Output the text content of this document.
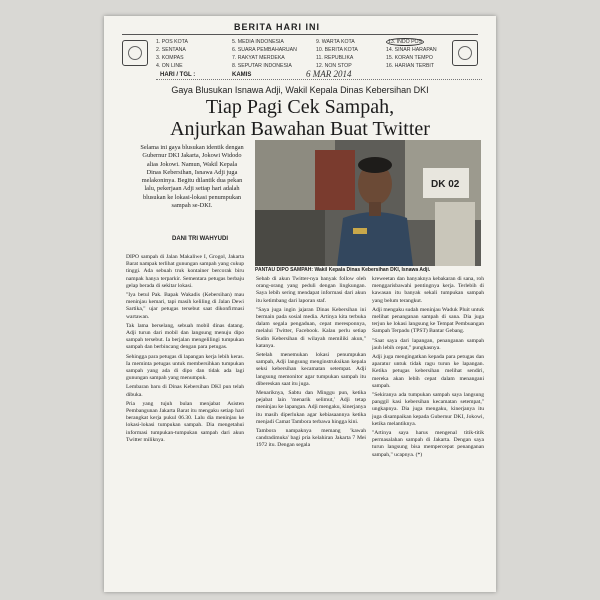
BERITA HARI INI
1. POS KOTA
2. SENTANA
3. KOMPAS
4. ON LINE
5. MEDIA INDONESIA
6. SUARA PEMBAHARUAN
7. RAKYAT MERDEKA
8. SEPUTAR INDONESIA
9. WARTA KOTA
10. BERITA KOTA
11. REPUBLIKA
12. NON STOP
13. INDO POS
14. SINAR HARAPAN
15. KORAN TEMPO
16. HARIAN TERBIT
HARI / TGL :	KAMIS	6 MAR 2014
Gaya Blusukan Isnawa Adji, Wakil Kepala Dinas Kebersihan DKI
Tiap Pagi Cek Sampah,
Anjurkan Bawahan Buat Twitter
Selama ini gaya blusukan identik dengan Gubernur DKI Jakarta, Jokowi Widodo alias Jokowi. Namun, Wakil Kepala Dinas Kebersihan, Isnawa Adji juga melakoninya. Begitu dilantik dua pekan lalu, pekerjaan Adji setiap hari adalah blusukan ke lokasi-lokasi penumpukan sampah se-DKI.
DANI TRI WAHYUDI
DK 02
PANTAU DIPO SAMPAH: Wakil Kepala Dinas Kebersihan DKI, Isnawa Adji.

DIPO sampah di Jalan Makaliwe I, Grogol, Jakarta Barat nampak terlihat gunungan sampah yang cukup tinggi. Ada sebuah truk kontainer bercorak biru nampak hanya terparkir. Sementara petugas berbaju gelap berada di sekitar lokasi.

"Iya betul Pak. Bapak Wakadis (Kebersihan) mau meninjau kemari, tapi masih keliling di Jalan Dewi Sartika," ujar petugas tersebut saat dikonfirmasi wartawan.

Tak lama berselang, sebuah mobil dinas datang. Adji turun dari mobil dan langsung menuju dipo sampah tersebut. Ia berjalan mengelilingi tumpukan sampah dan berbincang dengan para petugas.

Sehingga para petugas di lapangan kerja lebih keras. Ia meminta petugas untuk membersihkan tumpukan sampah yang ada di dipo dan tidak ada lagi gunungan sampah yang menumpuk.

Lembaran baru di Dinas Kebersihan DKI pun telah dibuka.

Pria yang tujuh bulan menjabat Asisten Pembangunan Jakarta Barat itu mengaku setiap hari berangkat kerja pukul 06.30. Lalu dia meninjau ke lokasi-lokasi tumpukan sampah. Dia mengetahui informasi tumpukan-tumpukan sampah dari akun Twitter miliknya.

Sebab di akun Twitter-nya banyak follow oleh orang-orang yang peduli dengan lingkungan. Saya lebih sering mendapat informasi dari akun itu ketimbang dari laporan staf.

"Saya juga ingin jajaran Dinas Kebersihan ini bermain pada sosial media. Artinya kita terbuka dalam segala pengaduan, cepat meresponnya, melalui Twitter, Facebook. Kalau perlu setiap Sudin Kebersihan di wilayah memiliki akun," katanya.

Setelah menemukan lokasi penumpukan sampah, Adji langsung menginstruksikan kepala seksi kebersihan kecamatan setempat. Adji langsung memonitor agar tumpukan sampah itu dibereskan saat itu juga.

Menariknya, Sabtu dan Minggu pun, ketika pejabat lain 'menarik selimut,' Adji tetap meninjau ke lapangan. Adji mengaku, kinerjanya itu masih diperlukan agar kebiasaannya ketika menjadi Camat Tambora terbawa hingga kini.

Tambora nampaknya memang 'kawah candradimuka' bagi pria kelahiran Jakarta 7 Mei 1972 itu. Dengan segala

kreweetan dan banyaknya kebakaran di sana, roh menggarisbawahi pentingnya kerja. Terlebih di kawasan itu banyak sekali tumpukan sampah yang belum terangkut.

Adji mengaku sudah meninjau Waduk Pluit untuk melihat penanganan sampah di sana. Dia juga terjun ke lokasi langsung ke Tempat Pembuangan Sampah Terpadu (TPST) Bantar Gebang.

"Saat saya dari lapangan, penanganan sampah jauh lebih cepat," pungkasnya.

Adji juga mengingatkan kepada para petugas dan aparatur untuk tidak ragu turun ke lapangan. Ketika petugas kebersihan melihat sendiri, mereka akan lebih cepat dalam menangani sampah.

"Sekiranya ada tumpukan sampah saya langsung panggil kasi kebersihan kecamatan setempat," ungkapnya. Dia juga mengaku, kinerjanya itu juga disampaikan kepada Gubernur DKI, Jokowi, ketika melantiknya.

"Artinya saya harus mengenal titik-titik permasalahan sampah di Jakarta. Dengan saya turun langsung bisa mempercepat penanganan sampah," ucapnya. (*)
